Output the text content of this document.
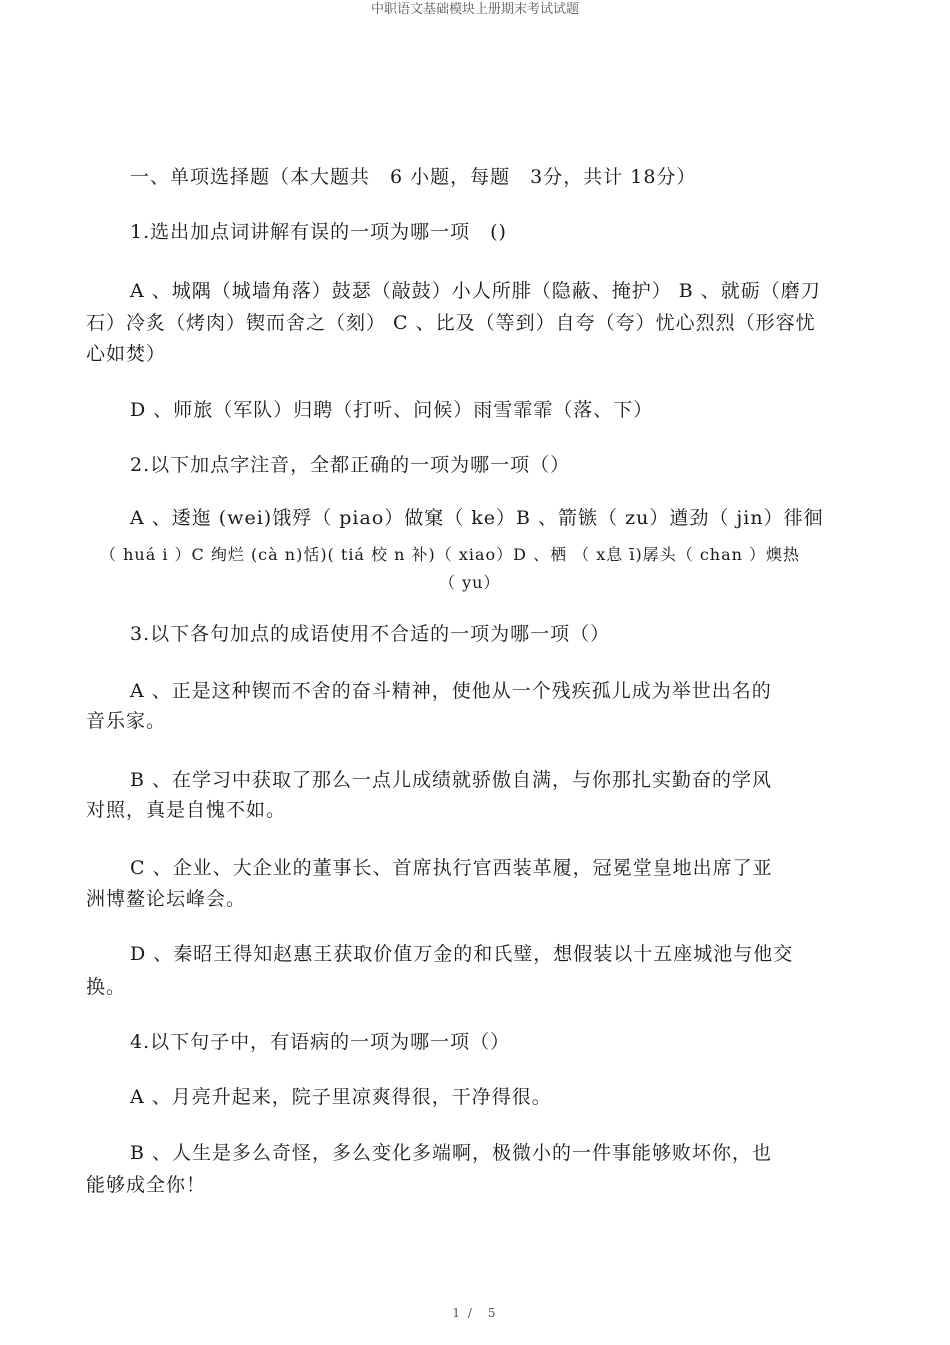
中职语文基础模块上册期末考试试题
一、单项选择题（本大题共　6 小题，每题　3分，共计 18分）
1.选出加点词讲解有误的一项为哪一项　()
A 、城隅（城墙角落）鼓瑟（敲鼓）小人所腓（隐蔽、掩护） B 、就砺（磨刀
石）冷炙（烤肉）锲而舍之（刻） C 、比及（等到）自夸（夸）忧心烈烈（形容忧
心如焚）
D 、师旅（军队）归聘（打听、问候）雨雪霏霏（落、下）
2.以下加点字注音，全都正确的一项为哪一项（）
A 、逶迤 (wei)饿殍（ piao）做窠（ ke）B 、箭镞（ zu）遒劲（ jin）徘徊
（ huá i ）C 绚烂 (cà n)恬)( tiá 校 n 补)（ xiao）D 、栖 （ x息 ī)孱头（ chan ）燠热
（ yu）
3.以下各句加点的成语使用不合适的一项为哪一项（）
A 、正是这种锲而不舍的奋斗精神，使他从一个残疾孤儿成为举世出名的
音乐家。
B 、在学习中获取了那么一点儿成绩就骄傲自满，与你那扎实勤奋的学风
对照，真是自愧不如。
C 、企业、大企业的董事长、首席执行官西装革履，冠冕堂皇地出席了亚
洲博鳌论坛峰会。
D 、秦昭王得知赵惠王获取价值万金的和氏璧，想假装以十五座城池与他交
换。
4.以下句子中，有语病的一项为哪一项（）
A 、月亮升起来，院子里凉爽得很，干净得很。
B 、人生是多么奇怪，多么变化多端啊，极微小的一件事能够败坏你，也
能够成全你！
1 /　5
